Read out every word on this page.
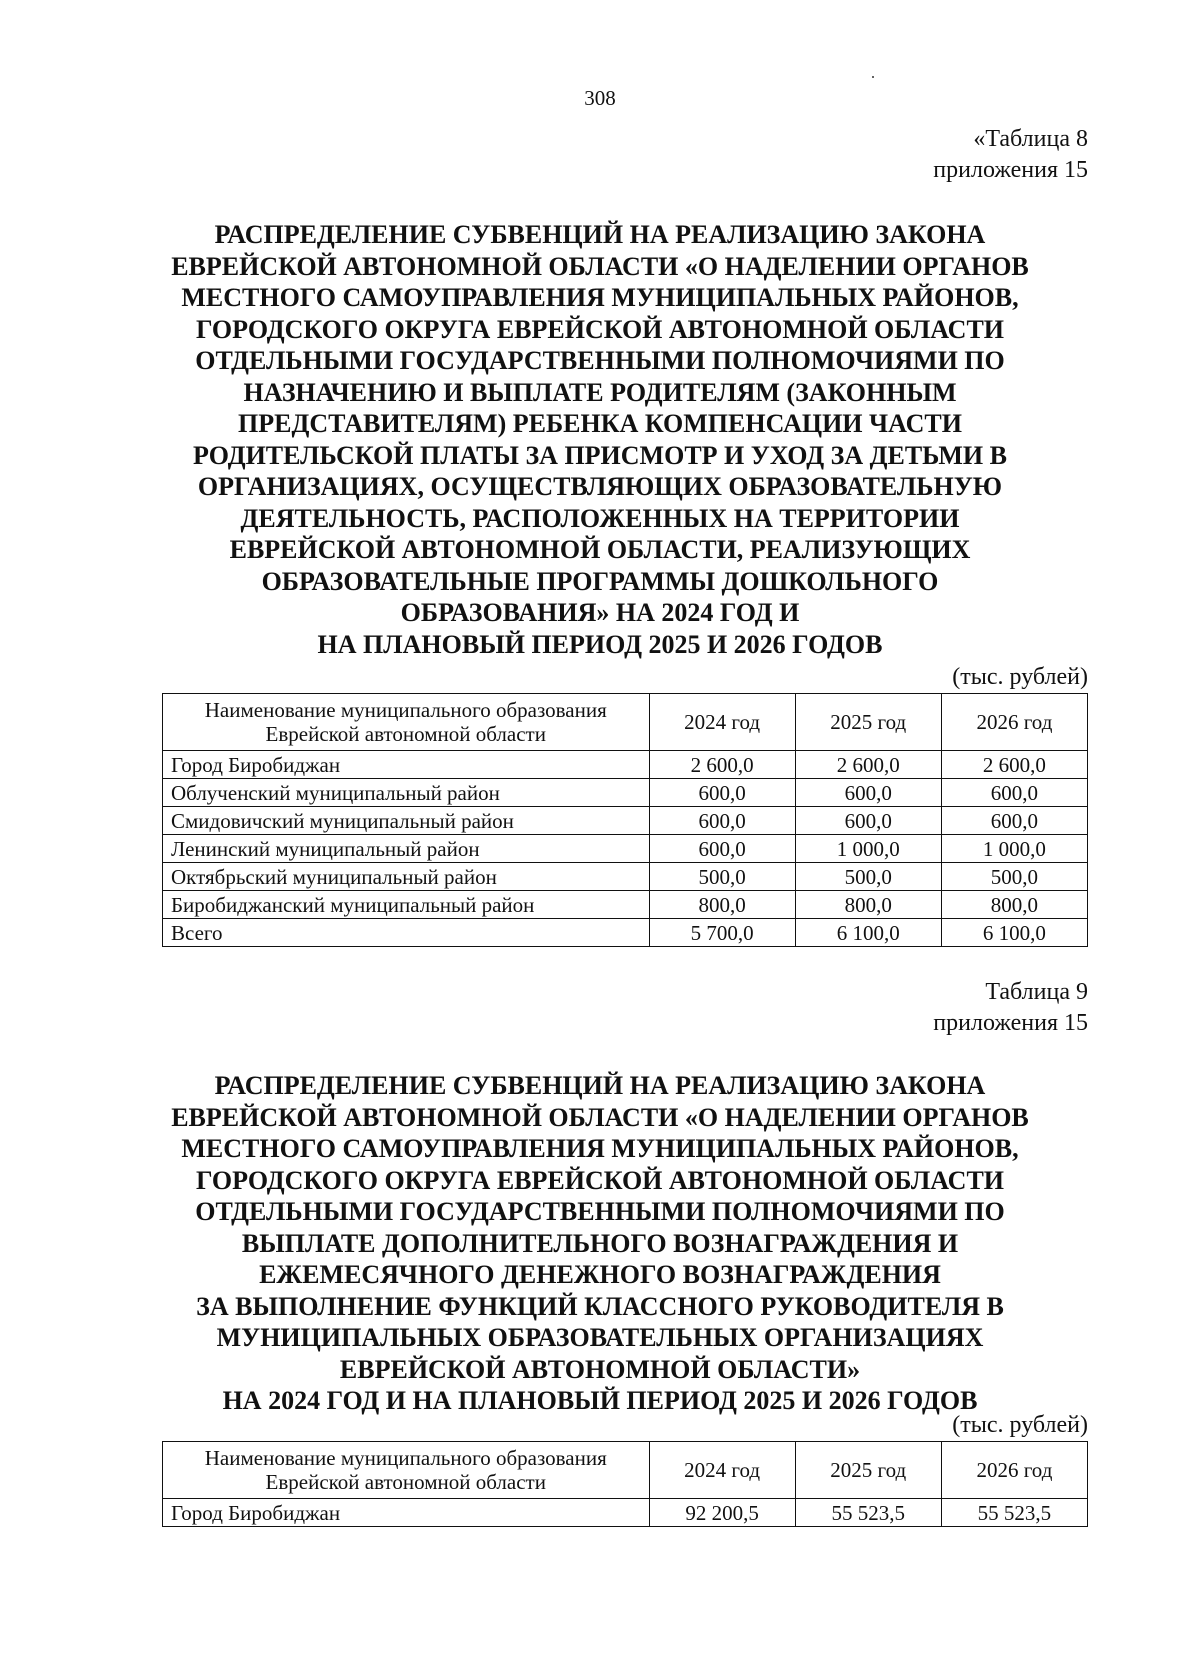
308
«Таблица 8
приложения 15
РАСПРЕДЕЛЕНИЕ СУБВЕНЦИЙ НА РЕАЛИЗАЦИЮ ЗАКОНА
ЕВРЕЙСКОЙ АВТОНОМНОЙ ОБЛАСТИ «О НАДЕЛЕНИИ ОРГАНОВ
МЕСТНОГО САМОУПРАВЛЕНИЯ МУНИЦИПАЛЬНЫХ РАЙОНОВ,
ГОРОДСКОГО ОКРУГА ЕВРЕЙСКОЙ АВТОНОМНОЙ ОБЛАСТИ
ОТДЕЛЬНЫМИ ГОСУДАРСТВЕННЫМИ ПОЛНОМОЧИЯМИ ПО
НАЗНАЧЕНИЮ И ВЫПЛАТЕ РОДИТЕЛЯМ (ЗАКОННЫМ
ПРЕДСТАВИТЕЛЯМ) РЕБЕНКА КОМПЕНСАЦИИ ЧАСТИ
РОДИТЕЛЬСКОЙ ПЛАТЫ ЗА ПРИСМОТР И УХОД ЗА ДЕТЬМИ В
ОРГАНИЗАЦИЯХ, ОСУЩЕСТВЛЯЮЩИХ ОБРАЗОВАТЕЛЬНУЮ
ДЕЯТЕЛЬНОСТЬ, РАСПОЛОЖЕННЫХ НА ТЕРРИТОРИИ
ЕВРЕЙСКОЙ АВТОНОМНОЙ ОБЛАСТИ, РЕАЛИЗУЮЩИХ
ОБРАЗОВАТЕЛЬНЫЕ ПРОГРАММЫ ДОШКОЛЬНОГО
ОБРАЗОВАНИЯ» НА 2024 ГОД И
НА ПЛАНОВЫЙ ПЕРИОД 2025 И 2026 ГОДОВ
(тыс. рублей)
Наименование муниципального образования Еврейской автономной области	2024 год	2025 год	2026 год
Город Биробиджан	2 600,0	2 600,0	2 600,0
Облученский муниципальный район	600,0	600,0	600,0
Смидовичский муниципальный район	600,0	600,0	600,0
Ленинский муниципальный район	600,0	1 000,0	1 000,0
Октябрьский муниципальный район	500,0	500,0	500,0
Биробиджанский муниципальный район	800,0	800,0	800,0
Всего	5 700,0	6 100,0	6 100,0
Таблица 9
приложения 15
РАСПРЕДЕЛЕНИЕ СУБВЕНЦИЙ НА РЕАЛИЗАЦИЮ ЗАКОНА
ЕВРЕЙСКОЙ АВТОНОМНОЙ ОБЛАСТИ «О НАДЕЛЕНИИ ОРГАНОВ
МЕСТНОГО САМОУПРАВЛЕНИЯ МУНИЦИПАЛЬНЫХ РАЙОНОВ,
ГОРОДСКОГО ОКРУГА ЕВРЕЙСКОЙ АВТОНОМНОЙ ОБЛАСТИ
ОТДЕЛЬНЫМИ ГОСУДАРСТВЕННЫМИ ПОЛНОМОЧИЯМИ ПО
ВЫПЛАТЕ ДОПОЛНИТЕЛЬНОГО ВОЗНАГРАЖДЕНИЯ И
ЕЖЕМЕСЯЧНОГО ДЕНЕЖНОГО ВОЗНАГРАЖДЕНИЯ
ЗА ВЫПОЛНЕНИЕ ФУНКЦИЙ КЛАССНОГО РУКОВОДИТЕЛЯ В
МУНИЦИПАЛЬНЫХ ОБРАЗОВАТЕЛЬНЫХ ОРГАНИЗАЦИЯХ
ЕВРЕЙСКОЙ АВТОНОМНОЙ ОБЛАСТИ»
НА 2024 ГОД И НА ПЛАНОВЫЙ ПЕРИОД 2025 И 2026 ГОДОВ
(тыс. рублей)
Наименование муниципального образования Еврейской автономной области	2024 год	2025 год	2026 год
Город Биробиджан	92 200,5	55 523,5	55 523,5
